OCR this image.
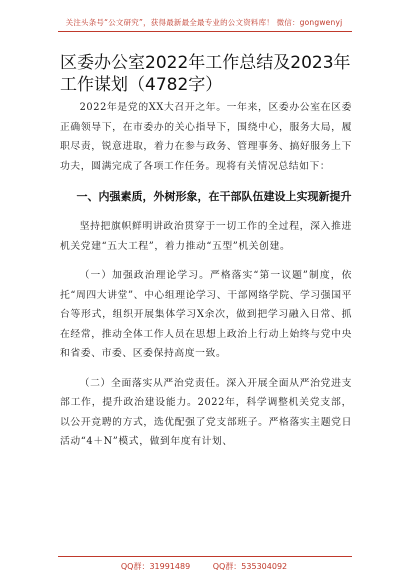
关注头条号“公文研究”，获得最新最全最专业的公文资料库！ 微信：gongwenyj
区委办公室2022年工作总结及2023年工作谋划（4782字）

2022年是党的XX大召开之年。一年来，区委办公室在区委正确领导下，在市委办的关心指导下，围绕中心，服务大局，履职尽责，锐意进取，着力在参与政务、管理事务、搞好服务上下功夫，圆满完成了各项工作任务。现将有关情况总结如下：

一、内强素质，外树形象，在干部队伍建设上实现新提升

坚持把旗帜鲜明讲政治贯穿于一切工作的全过程，深入推进机关党建“五大工程”，着力推动“五型”机关创建。

（一）加强政治理论学习。严格落实“第一议题”制度，依托“周四大讲堂”、中心组理论学习、干部网络学院、学习强国平台等形式，组织开展集体学习X余次，做到把学习融入日常、抓在经常，推动全体工作人员在思想上政治上行动上始终与党中央和省委、市委、区委保持高度一致。

（二）全面落实从严治党责任。深入开展全面从严治党进支部工作，提升政治建设能力。2022年，科学调整机关党支部，以公开竞聘的方式，选优配强了党支部班子。严格落实主题党日活动“4＋N”模式，做到年度有计划、

QQ群：31991489	QQ群：535304092
